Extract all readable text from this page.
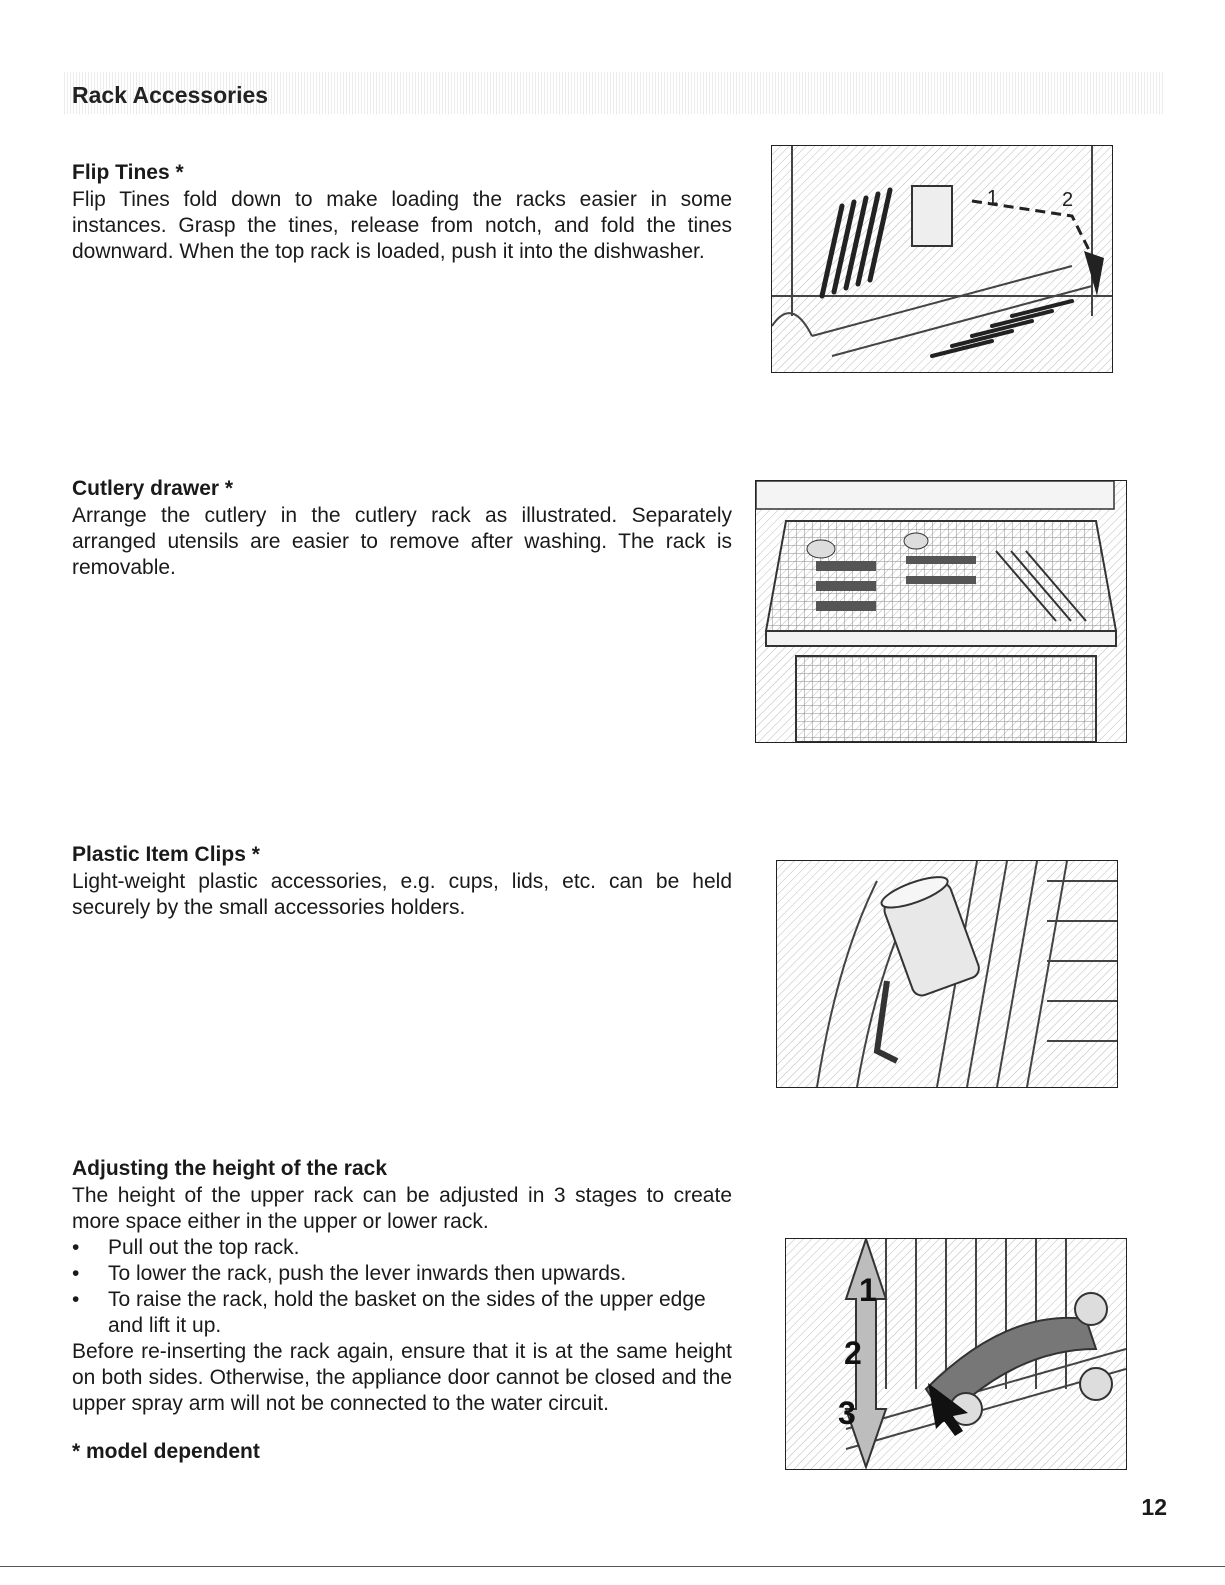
Rack Accessories
Flip Tines *

Flip Tines fold down to make loading the racks easier in some instances. Grasp the tines, release from notch, and fold the tines downward. When the top rack is loaded, push it into the dishwasher.

1	2
Cutlery drawer *

Arrange the cutlery in the cutlery rack as illustrated. Separately arranged utensils are easier to remove after washing. The rack is removable.

Plastic Item Clips *

Light-weight plastic accessories, e.g. cups, lids, etc. can be held securely by the small accessories holders.

Adjusting the height of the rack

The height of the upper rack can be adjusted in 3 stages to create more space either in the upper or lower rack.

• Pull out the top rack.
• To lower the rack, push the lever inwards then upwards.
• To raise the rack, hold the basket on the sides of the upper edge and lift it up.

Before re-inserting the rack again, ensure that it is at the same height on both sides. Otherwise, the appliance door cannot be closed and the upper spray arm will not be connected to the water circuit.

1
2
3
* model dependent
12
